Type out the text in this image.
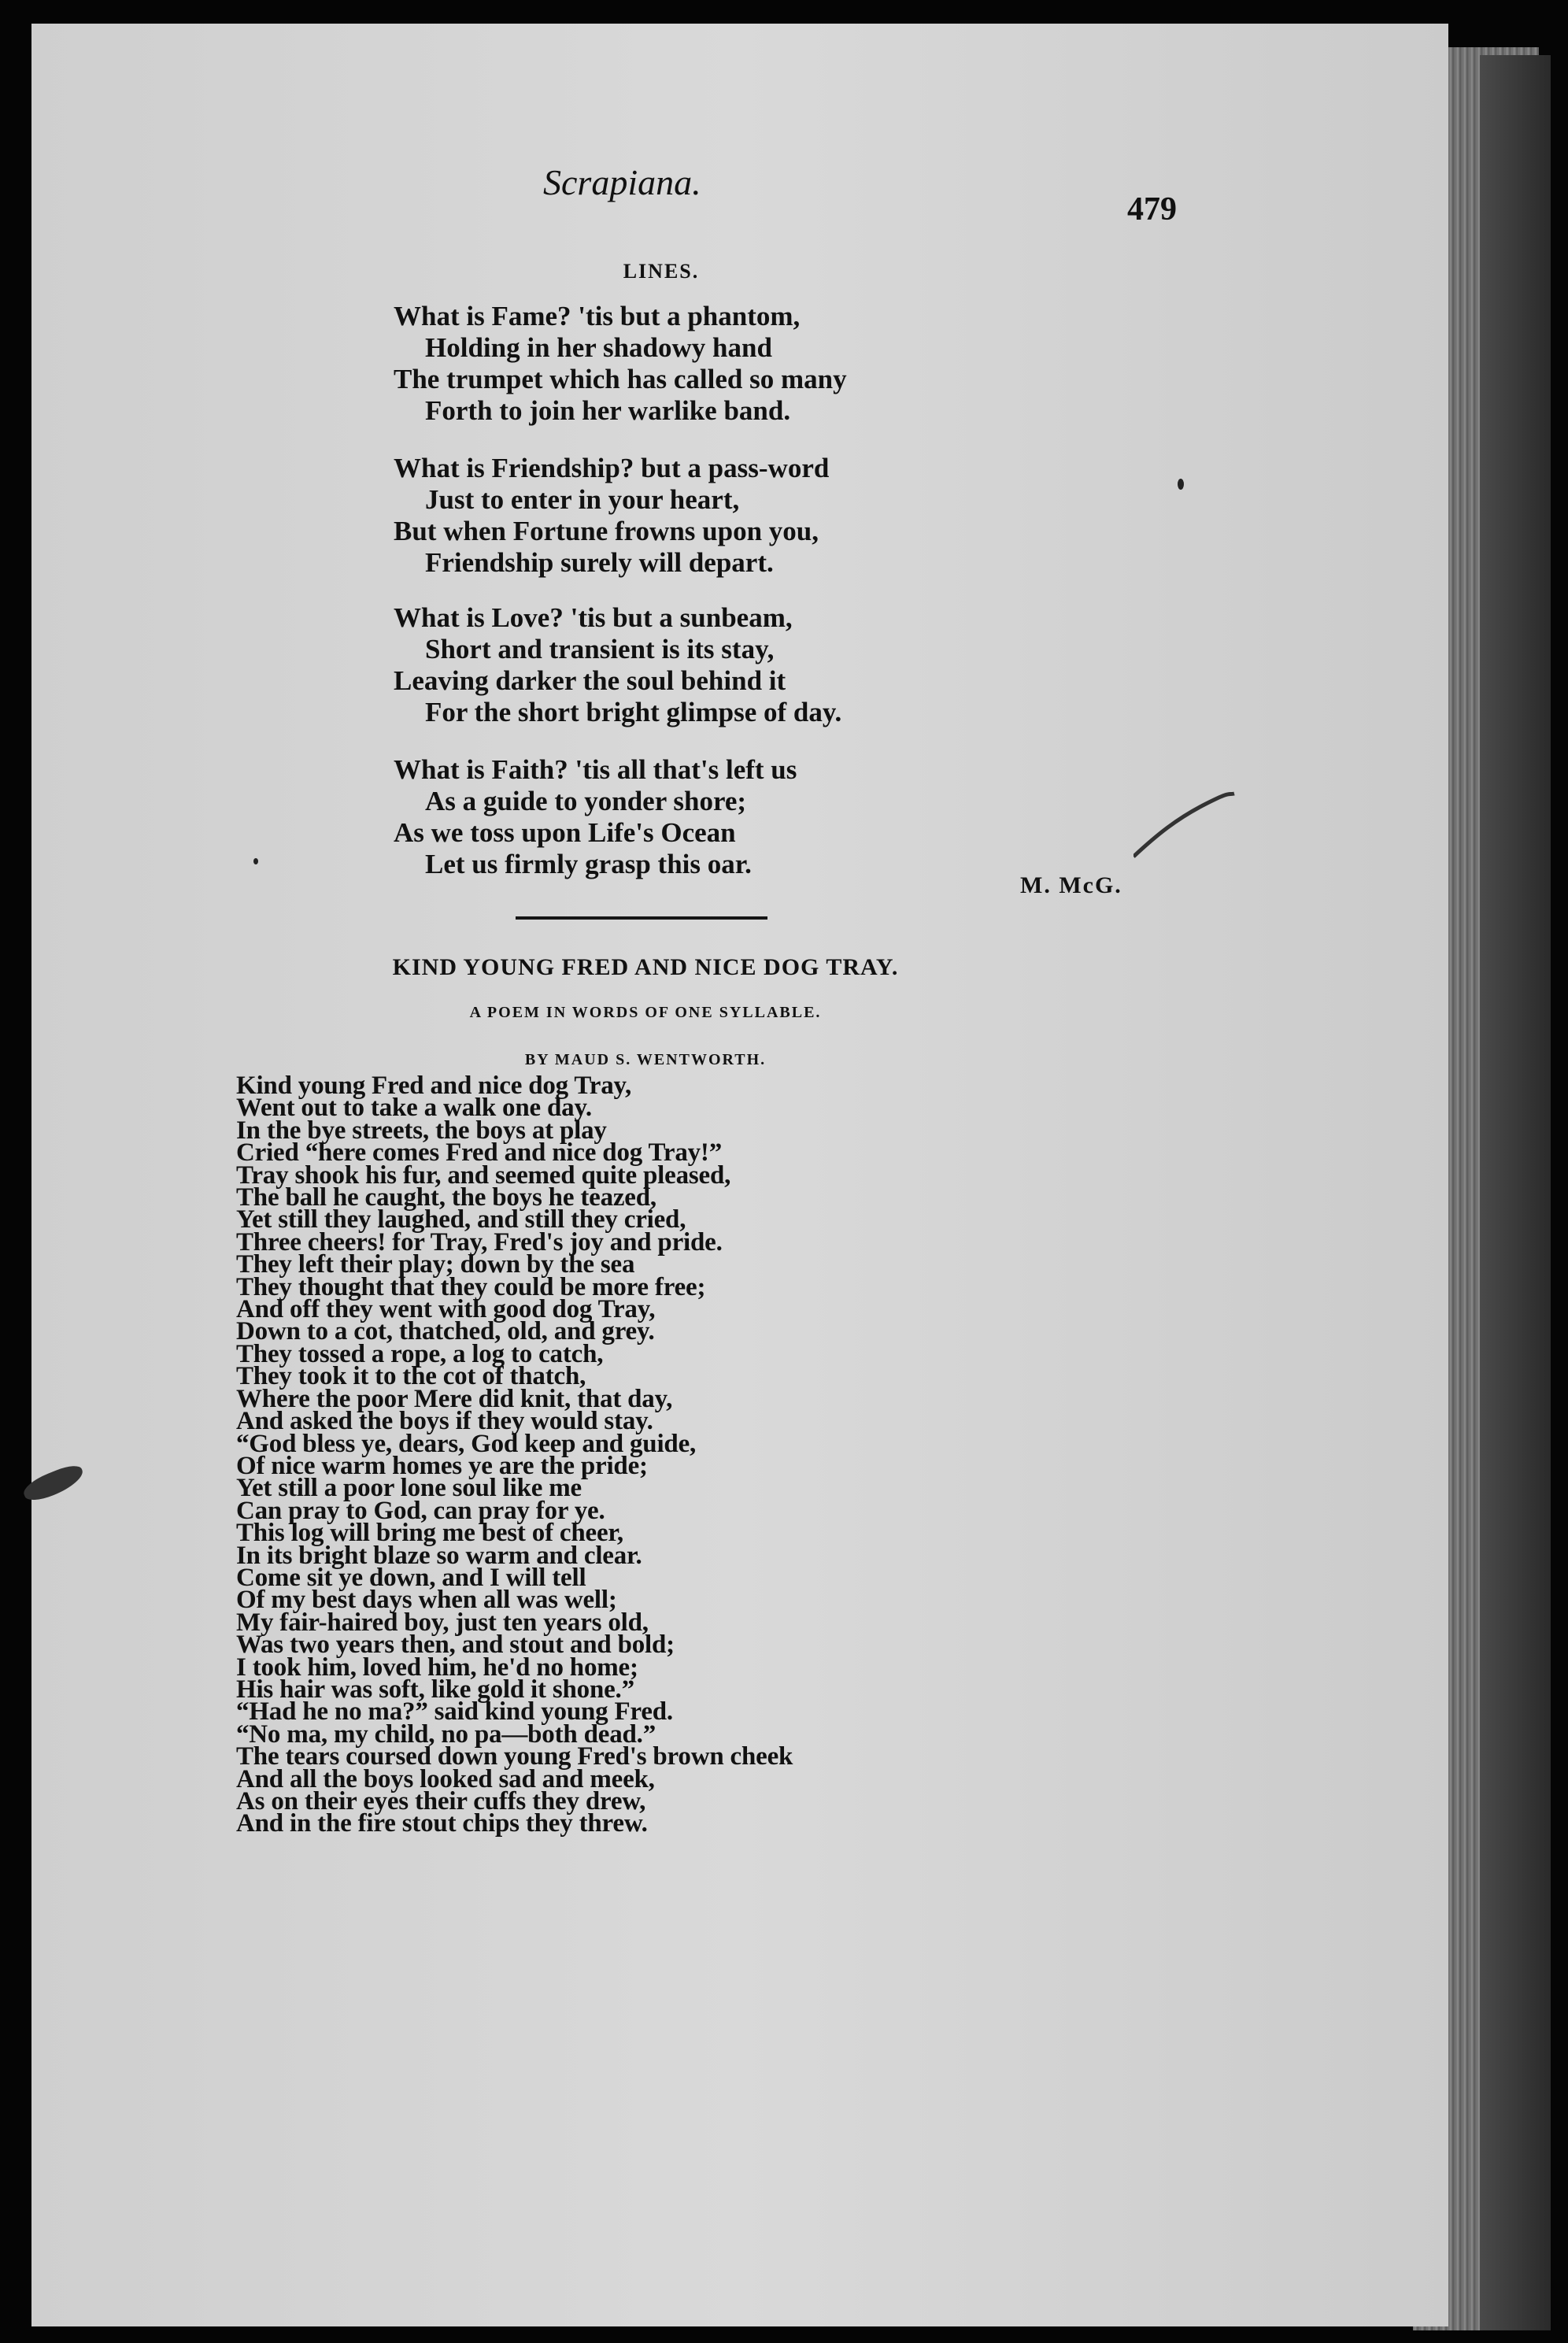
Scrapiana.
479
LINES.
What is Fame? 'tis but a phantom,
Holding in her shadowy hand
The trumpet which has called so many
Forth to join her warlike band.
What is Friendship? but a pass-word
Just to enter in your heart,
But when Fortune frowns upon you,
Friendship surely will depart.
What is Love? 'tis but a sunbeam,
Short and transient is its stay,
Leaving darker the soul behind it
For the short bright glimpse of day.
What is Faith? 'tis all that's left us
As a guide to yonder shore;
As we toss upon Life's Ocean
Let us firmly grasp this oar.
M. McG.
KIND YOUNG FRED AND NICE DOG TRAY.
A POEM IN WORDS OF ONE SYLLABLE.
BY MAUD S. WENTWORTH.
Kind young Fred and nice dog Tray,
Went out to take a walk one day.
In the bye streets, the boys at play
Cried “here comes Fred and nice dog Tray!”
Tray shook his fur, and seemed quite pleased,
The ball he caught, the boys he teazed,
Yet still they laughed, and still they cried,
Three cheers! for Tray, Fred's joy and pride.
They left their play; down by the sea
They thought that they could be more free;
And off they went with good dog Tray,
Down to a cot, thatched, old, and grey.
They tossed a rope, a log to catch,
They took it to the cot of thatch,
Where the poor Mere did knit, that day,
And asked the boys if they would stay.
“God bless ye, dears, God keep and guide,
Of nice warm homes ye are the pride;
Yet still a poor lone soul like me
Can pray to God, can pray for ye.
This log will bring me best of cheer,
In its bright blaze so warm and clear.
Come sit ye down, and I will tell
Of my best days when all was well;
My fair-haired boy, just ten years old,
Was two years then, and stout and bold;
I took him, loved him, he'd no home;
His hair was soft, like gold it shone.”
“Had he no ma?” said kind young Fred.
“No ma, my child, no pa—both dead.”
The tears coursed down young Fred's brown cheek
And all the boys looked sad and meek,
As on their eyes their cuffs they drew,
And in the fire stout chips they threw.
